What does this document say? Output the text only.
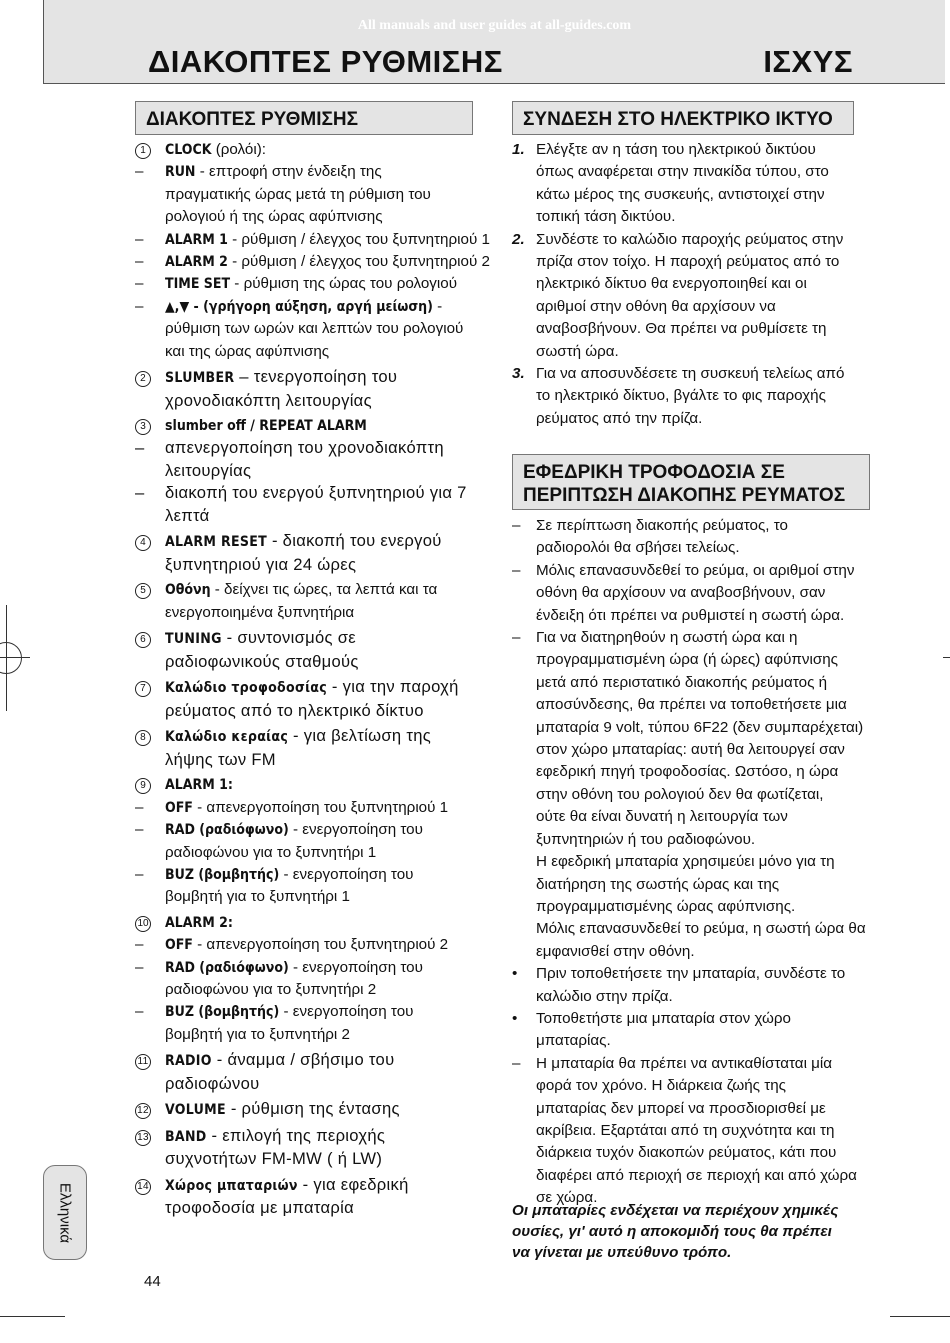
All manuals and user guides at all-guides.com
ΔΙΑΚΟΠΤΕΣ ΡΥΘΜΙΣΗΣ	ΙΣΧΥΣ
ΔΙΑΚΟΠΤΕΣ ΡΥΘΜΙΣΗΣ
1	CLOCK (ρολόι):
–	RUN - επτροφή στην ένδειξη της
πραγματικής ώρας μετά τη ρύθμιση του
ρολογιού ή της ώρας αφύπνισης
–	ALARM 1 - ρύθμιση / έλεγχος του ξυπνητηριού 1
–	ALARM 2 - ρύθμιση / έλεγχος του ξυπνητηριού 2
–	TIME SET - ρύθμιση της ώρας του ρολογιού
–	▲,▼ - (γρήγορη αύξηση, αργή μείωση) -
ρύθμιση των ωρών και λεπτών του ρολογιού
και της ώρας αφύπνισης
2	SLUMBER – τενεργοποίηση του
χρονοδιακόπτη λειτουργίας
3	slumber off / REPEAT ALARM
–	απενεργοποίηση του χρονοδιακόπτη
λειτουργίας
–	διακοπή του ενεργού ξυπνητηριού για 7
λεπτά
4	ALARM RESET - διακοπή του ενεργού
ξυπνητηριού για 24 ώρες
5	Οθόνη - δείχνει τις ώρες, τα λεπτά και τα
ενεργοποιημένα ξυπνητήρια
6	TUNING - συντονισμός σε
ραδιοφωνικούς σταθμούς
7	Καλώδιο τροφοδοσίας - για την παροχή
ρεύματος από το ηλεκτρικό δίκτυο
8	Καλώδιο κεραίας - για βελτίωση της
λήψης των FM
9	ALARM 1:
–	OFF - απενεργοποίηση του ξυπνητηριού 1
–	RAD (ραδιόφωνο) - ενεργοποίηση του
ραδιοφώνου για το ξυπνητήρι 1
–	BUZ (βομβητής) - ενεργοποίηση του
βομβητή για το ξυπνητήρι 1
10	ALARM 2:
–	OFF - απενεργοποίηση του ξυπνητηριού 2
–	RAD (ραδιόφωνο) - ενεργοποίηση του
ραδιοφώνου για το ξυπνητήρι 2
–	BUZ (βομβητής) - ενεργοποίηση του
βομβητή για το ξυπνητήρι 2
11	RADIO - άναμμα / σβήσιμο του
ραδιοφώνου
12	VOLUME - ρύθμιση της έντασης
13	BAND - επιλογή της περιοχής
συχνοτήτων FM-MW ( ή LW)
14	Χώρος μπαταριών - για εφεδρική
τροφοδοσία με μπαταρία
ΣΥΝΔΕΣΗ ΣΤΟ ΗΛΕΚΤΡΙΚΟ ΙΚΤΥΟ
1. Ελέγξτε αν η τάση του ηλεκτρικού δικτύου
όπως αναφέρεται στην πινακίδα τύπου, στο
κάτω μέρος της συσκευής, αντιστοιχεί στην
τοπική τάση δικτύου.
2. Συνδέστε το καλώδιο παροχής ρεύματος στην
πρίζα στον τοίχο. Η παροχή ρεύματος από το
ηλεκτρικό δίκτυο θα ενεργοποιηθεί και οι
αριθμοί στην οθόνη θα αρχίσουν να
αναβοσβήνουν. Θα πρέπει να ρυθμίσετε τη
σωστή ώρα.
3. Για να αποσυνδέσετε τη συσκευή τελείως από
το ηλεκτρικό δίκτυο, βγάλτε το φις παροχής
ρεύματος από την πρίζα.
ΕΦΕΔΡΙΚΗ ΤΡΟΦΟΔΟΣΙΑ ΣΕ
ΠΕΡΙΠΤΩΣΗ ΔΙΑΚΟΠΗΣ ΡΕΥΜΑΤΟΣ
–	Σε περίπτωση διακοπής ρεύματος, το
ραδιορολόι θα σβήσει τελείως.
–	Μόλις επανασυνδεθεί το ρεύμα, οι αριθμοί στην
οθόνη θα αρχίσουν να αναβοσβήνουν, σαν
ένδειξη ότι πρέπει να ρυθμιστεί η σωστή ώρα.
–	Για να διατηρηθούν η σωστή ώρα και η
προγραμματισμένη ώρα (ή ώρες) αφύπνισης
μετά από περιστατικό διακοπής ρεύματος ή
αποσύνδεσης, θα πρέπει να τοποθετήσετε μια
μπαταρία 9 volt, τύπου 6F22 (δεν συμπαρέχεται)
στον χώρο μπαταρίας: αυτή θα λειτουργεί σαν
εφεδρική πηγή τροφοδοσίας. Ωστόσο, η ώρα
στην οθόνη του ρολογιού δεν θα φωτίζεται,
ούτε θα είναι δυνατή η λειτουργία των
ξυπνητηριών ή του ραδιοφώνου.
Η εφεδρική μπαταρία χρησιμεύει μόνο για τη
διατήρηση της σωστής ώρας και της
προγραμματισμένης ώρας αφύπνισης.
Μόλις επανασυνδεθεί το ρεύμα, η σωστή ώρα θα
εμφανισθεί στην οθόνη.
•	Πριν τοποθετήσετε την μπαταρία, συνδέστε το
καλώδιο στην πρίζα.
•	Τοποθετήστε μια μπαταρία στον χώρο
μπαταρίας.
–	Η μπαταρία θα πρέπει να αντικαθίσταται μία
φορά τον χρόνο. Η διάρκεια ζωής της
μπαταρίας δεν μπορεί να προσδιορισθεί με
ακρίβεια. Εξαρτάται από τη συχνότητα και τη
διάρκεια τυχόν διακοπών ρεύματος, κάτι που
διαφέρει από περιοχή σε περιοχή και από χώρα
σε χώρα.
Οι μπαταρίες ενδέχεται να περιέχουν χημικές
ουσίες, γι' αυτό η αποκομιδή τους θα πρέπει
να γίνεται με υπεύθυνο τρόπο.
Ελληνικά
44
